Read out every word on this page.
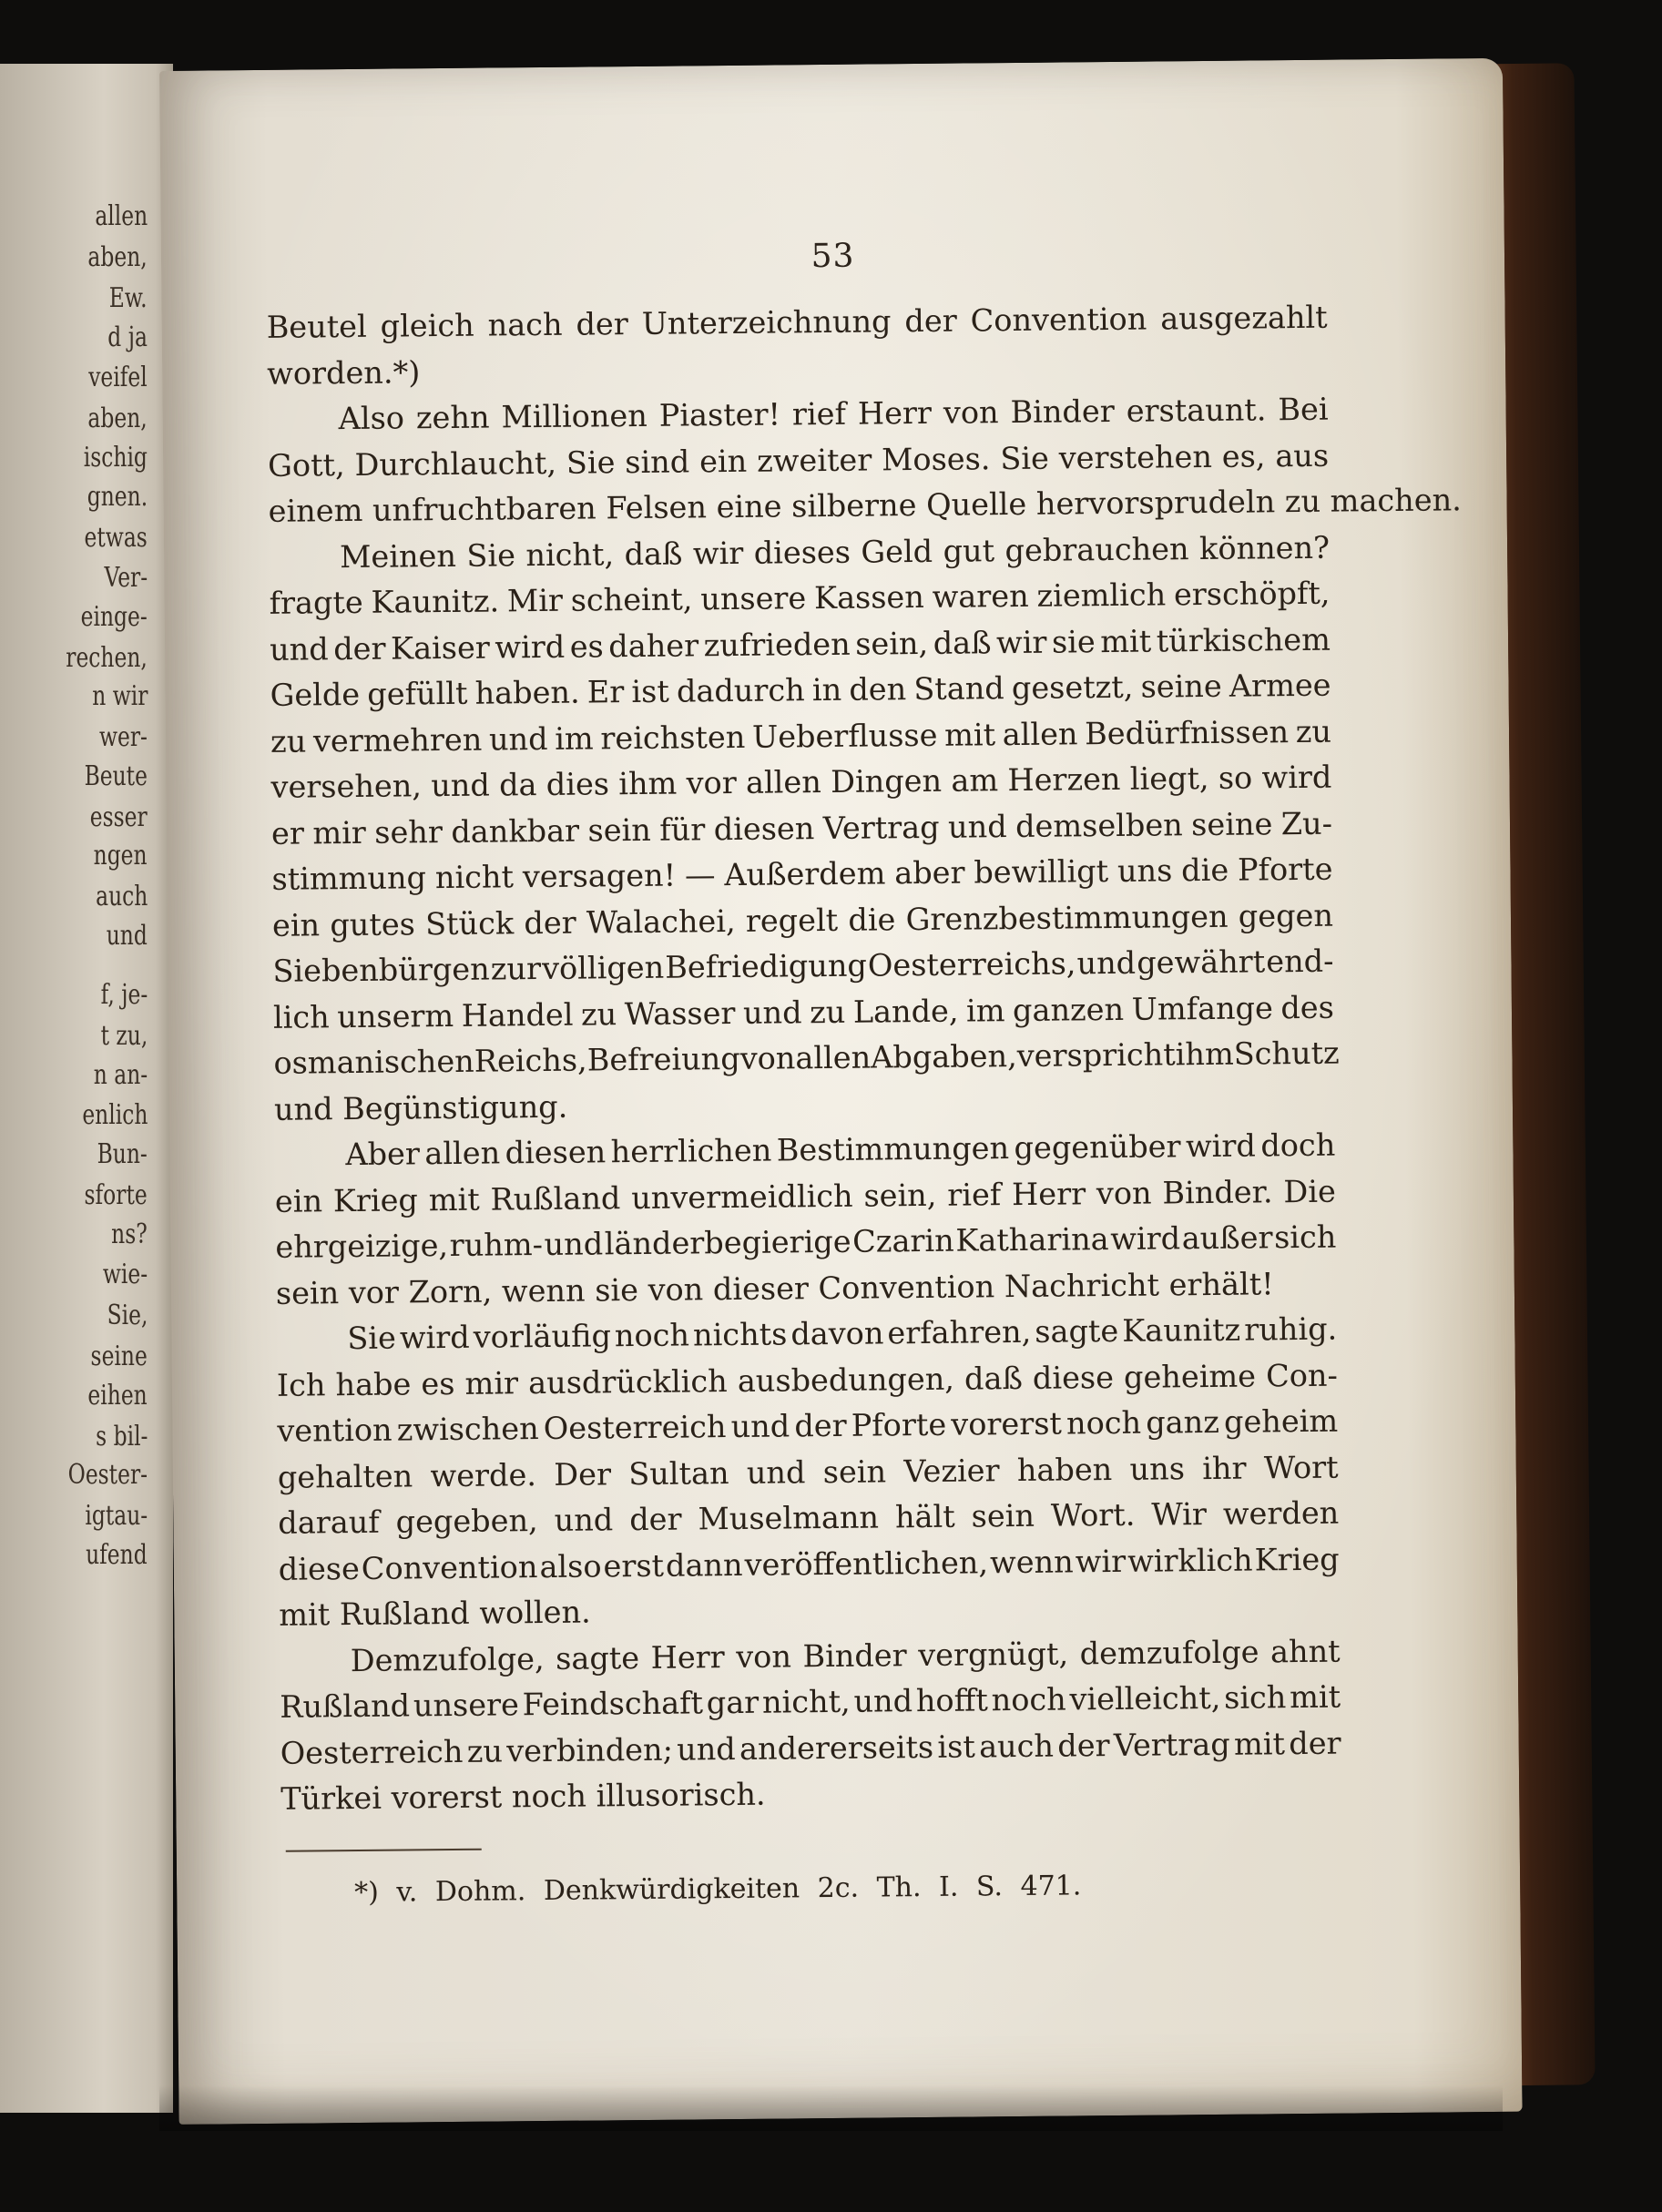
allen
aben,
Ew.
d ja
veifel
aben,
ischig
gnen.
etwas
Ver-
einge-
rechen,
n wir
wer-
Beute
esser
ngen
auch
und
f, je-
t zu,
n an-
enlich
Bun-
sforte
ns?
wie-
Sie,
seine
eihen
s bil-
Oester-
igtau-
ufend
53
Beutel gleich nach der Unterzeichnung der Convention ausgezahlt
worden.*)
Also zehn Millionen Piaster! rief Herr von Binder erstaunt. Bei
Gott, Durchlaucht, Sie sind ein zweiter Moses. Sie verstehen es, aus
einem unfruchtbaren Felsen eine silberne Quelle hervorsprudeln zu machen.
Meinen Sie nicht, daß wir dieses Geld gut gebrauchen können?
fragte Kaunitz. Mir scheint, unsere Kassen waren ziemlich erschöpft,
und der Kaiser wird es daher zufrieden sein, daß wir sie mit türkischem
Gelde gefüllt haben. Er ist dadurch in den Stand gesetzt, seine Armee
zu vermehren und im reichsten Ueberflusse mit allen Bedürfnissen zu
versehen, und da dies ihm vor allen Dingen am Herzen liegt, so wird
er mir sehr dankbar sein für diesen Vertrag und demselben seine Zu-
stimmung nicht versagen! — Außerdem aber bewilligt uns die Pforte
ein gutes Stück der Walachei, regelt die Grenzbestimmungen gegen
Siebenbürgen zur völligen Befriedigung Oesterreichs, und gewährt end-
lich unserm Handel zu Wasser und zu Lande, im ganzen Umfange des
osmanischen Reichs, Befreiung von allen Abgaben, verspricht ihm Schutz
und Begünstigung.
Aber allen diesen herrlichen Bestimmungen gegenüber wird doch
ein Krieg mit Rußland unvermeidlich sein, rief Herr von Binder. Die
ehrgeizige, ruhm- und länderbegierige Czarin Katharina wird außer sich
sein vor Zorn, wenn sie von dieser Convention Nachricht erhält!
Sie wird vorläufig noch nichts davon erfahren, sagte Kaunitz ruhig.
Ich habe es mir ausdrücklich ausbedungen, daß diese geheime Con-
vention zwischen Oesterreich und der Pforte vorerst noch ganz geheim
gehalten werde. Der Sultan und sein Vezier haben uns ihr Wort
darauf gegeben, und der Muselmann hält sein Wort. Wir werden
diese Convention also erst dann veröffentlichen, wenn wir wirklich Krieg
mit Rußland wollen.
Demzufolge, sagte Herr von Binder vergnügt, demzufolge ahnt
Rußland unsere Feindschaft gar nicht, und hofft noch vielleicht, sich mit
Oesterreich zu verbinden; und andererseits ist auch der Vertrag mit der
Türkei vorerst noch illusorisch.
*) v. Dohm. Denkwürdigkeiten 2c. Th. I. S. 471.
